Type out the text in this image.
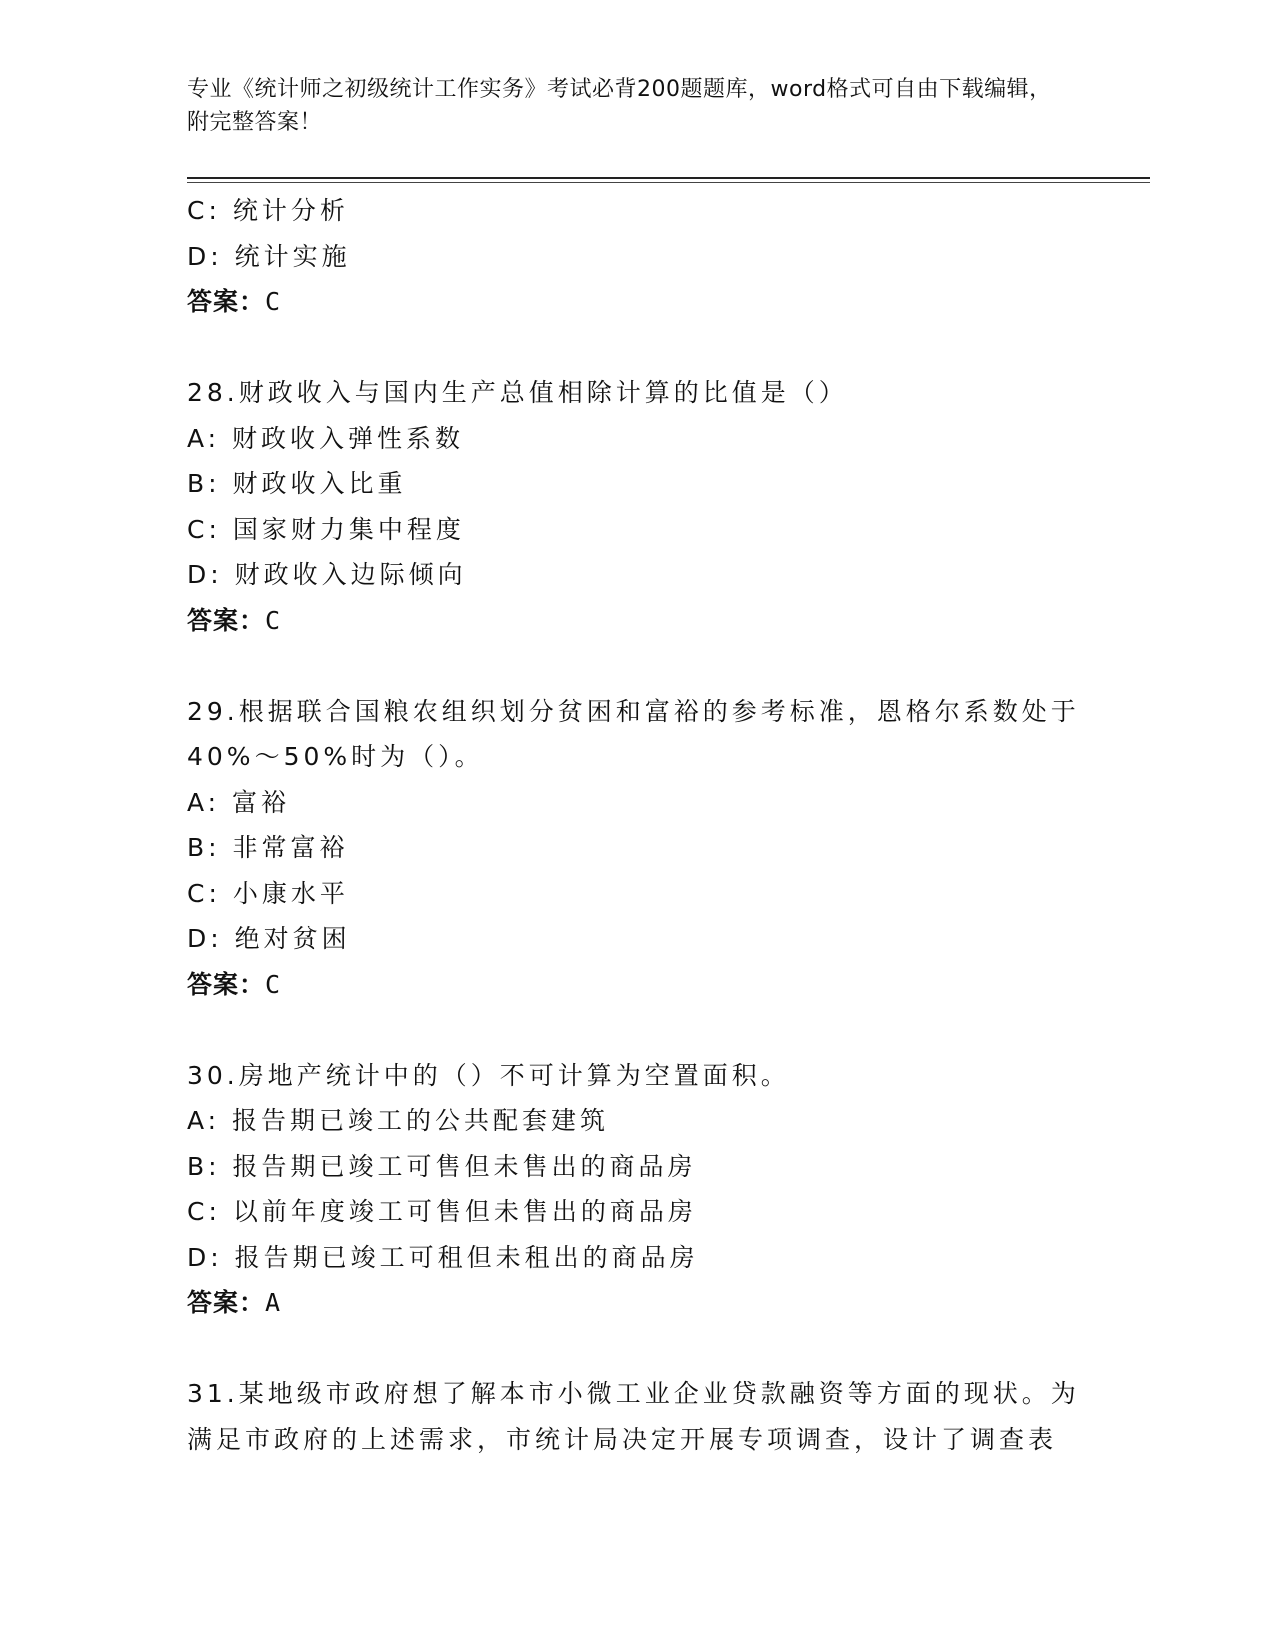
专业《统计师之初级统计工作实务》考试必背200题题库，word格式可自由下载编辑，附完整答案！
C: 统计分析
D: 统计实施
答案：C
28.财政收入与国内生产总值相除计算的比值是（）
A: 财政收入弹性系数
B: 财政收入比重
C: 国家财力集中程度
D: 财政收入边际倾向
答案：C
29.根据联合国粮农组织划分贫困和富裕的参考标准，恩格尔系数处于40%～50%时为（）。
A: 富裕
B: 非常富裕
C: 小康水平
D: 绝对贫困
答案：C
30.房地产统计中的（）不可计算为空置面积。
A: 报告期已竣工的公共配套建筑
B: 报告期已竣工可售但未售出的商品房
C: 以前年度竣工可售但未售出的商品房
D: 报告期已竣工可租但未租出的商品房
答案：A
31.某地级市政府想了解本市小微工业企业贷款融资等方面的现状。为满足市政府的上述需求，市统计局决定开展专项调查，设计了调查表
